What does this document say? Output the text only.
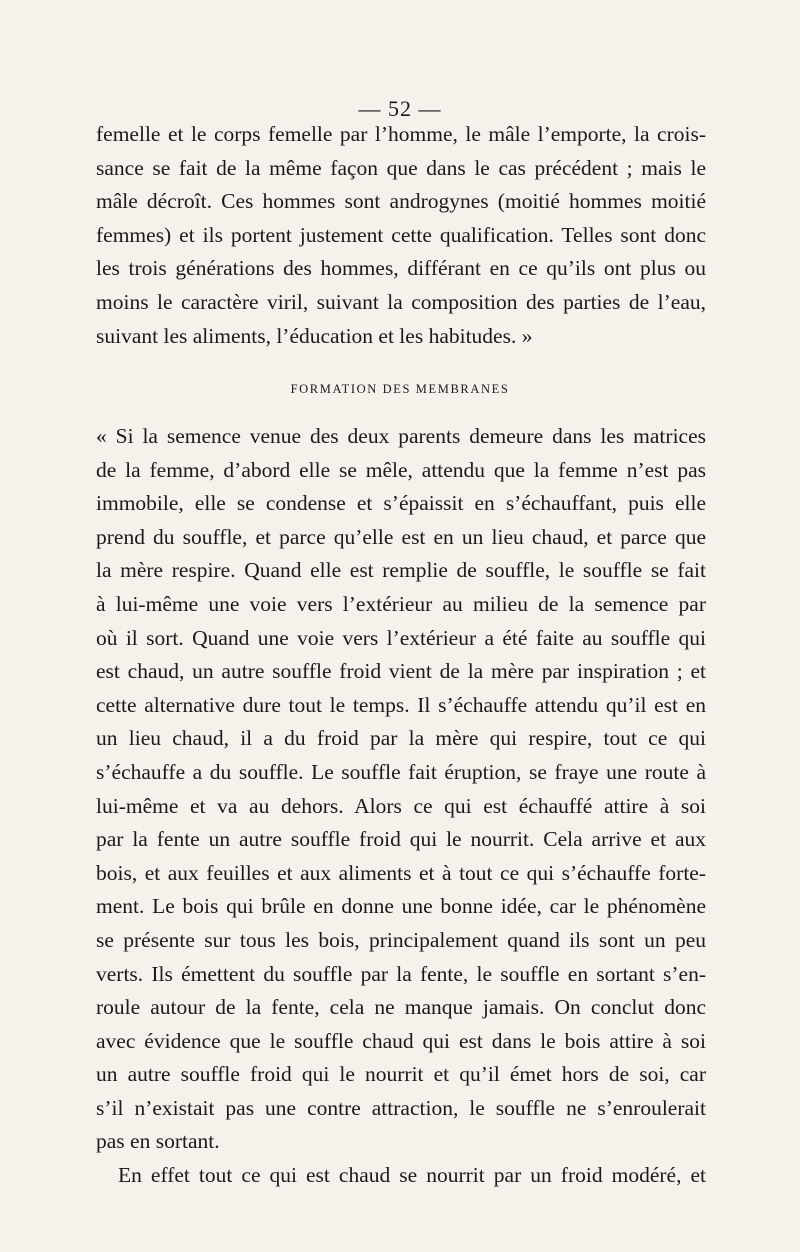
— 52 —
femelle et le corps femelle par l’homme, le mâle l’emporte, la crois-
sance se fait de la même façon que dans le cas précédent ; mais le
mâle décroît. Ces hommes sont androgynes (moitié hommes moitié
femmes) et ils portent justement cette qualification. Telles sont donc
les trois générations des hommes, différant en ce qu’ils ont plus ou
moins le caractère viril, suivant la composition des parties de l’eau,
suivant les aliments, l’éducation et les habitudes. »
FORMATION DES MEMBRANES
« Si la semence venue des deux parents demeure dans les matrices
de la femme, d’abord elle se mêle, attendu que la femme n’est pas
immobile, elle se condense et s’épaissit en s’échauffant, puis elle
prend du souffle, et parce qu’elle est en un lieu chaud, et parce que
la mère respire. Quand elle est remplie de souffle, le souffle se fait
à lui-même une voie vers l’extérieur au milieu de la semence par
où il sort. Quand une voie vers l’extérieur a été faite au souffle qui
est chaud, un autre souffle froid vient de la mère par inspiration ; et
cette alternative dure tout le temps. Il s’échauffe attendu qu’il est en
un lieu chaud, il a du froid par la mère qui respire, tout ce qui
s’échauffe a du souffle. Le souffle fait éruption, se fraye une route à
lui-même et va au dehors. Alors ce qui est échauffé attire à soi
par la fente un autre souffle froid qui le nourrit. Cela arrive et aux
bois, et aux feuilles et aux aliments et à tout ce qui s’échauffe forte-
ment. Le bois qui brûle en donne une bonne idée, car le phénomène
se présente sur tous les bois, principalement quand ils sont un peu
verts. Ils émettent du souffle par la fente, le souffle en sortant s’en-
roule autour de la fente, cela ne manque jamais. On conclut donc
avec évidence que le souffle chaud qui est dans le bois attire à soi
un autre souffle froid qui le nourrit et qu’il émet hors de soi, car
s’il n’existait pas une contre attraction, le souffle ne s’enroulerait
pas en sortant.
En effet tout ce qui est chaud se nourrit par un froid modéré, et
